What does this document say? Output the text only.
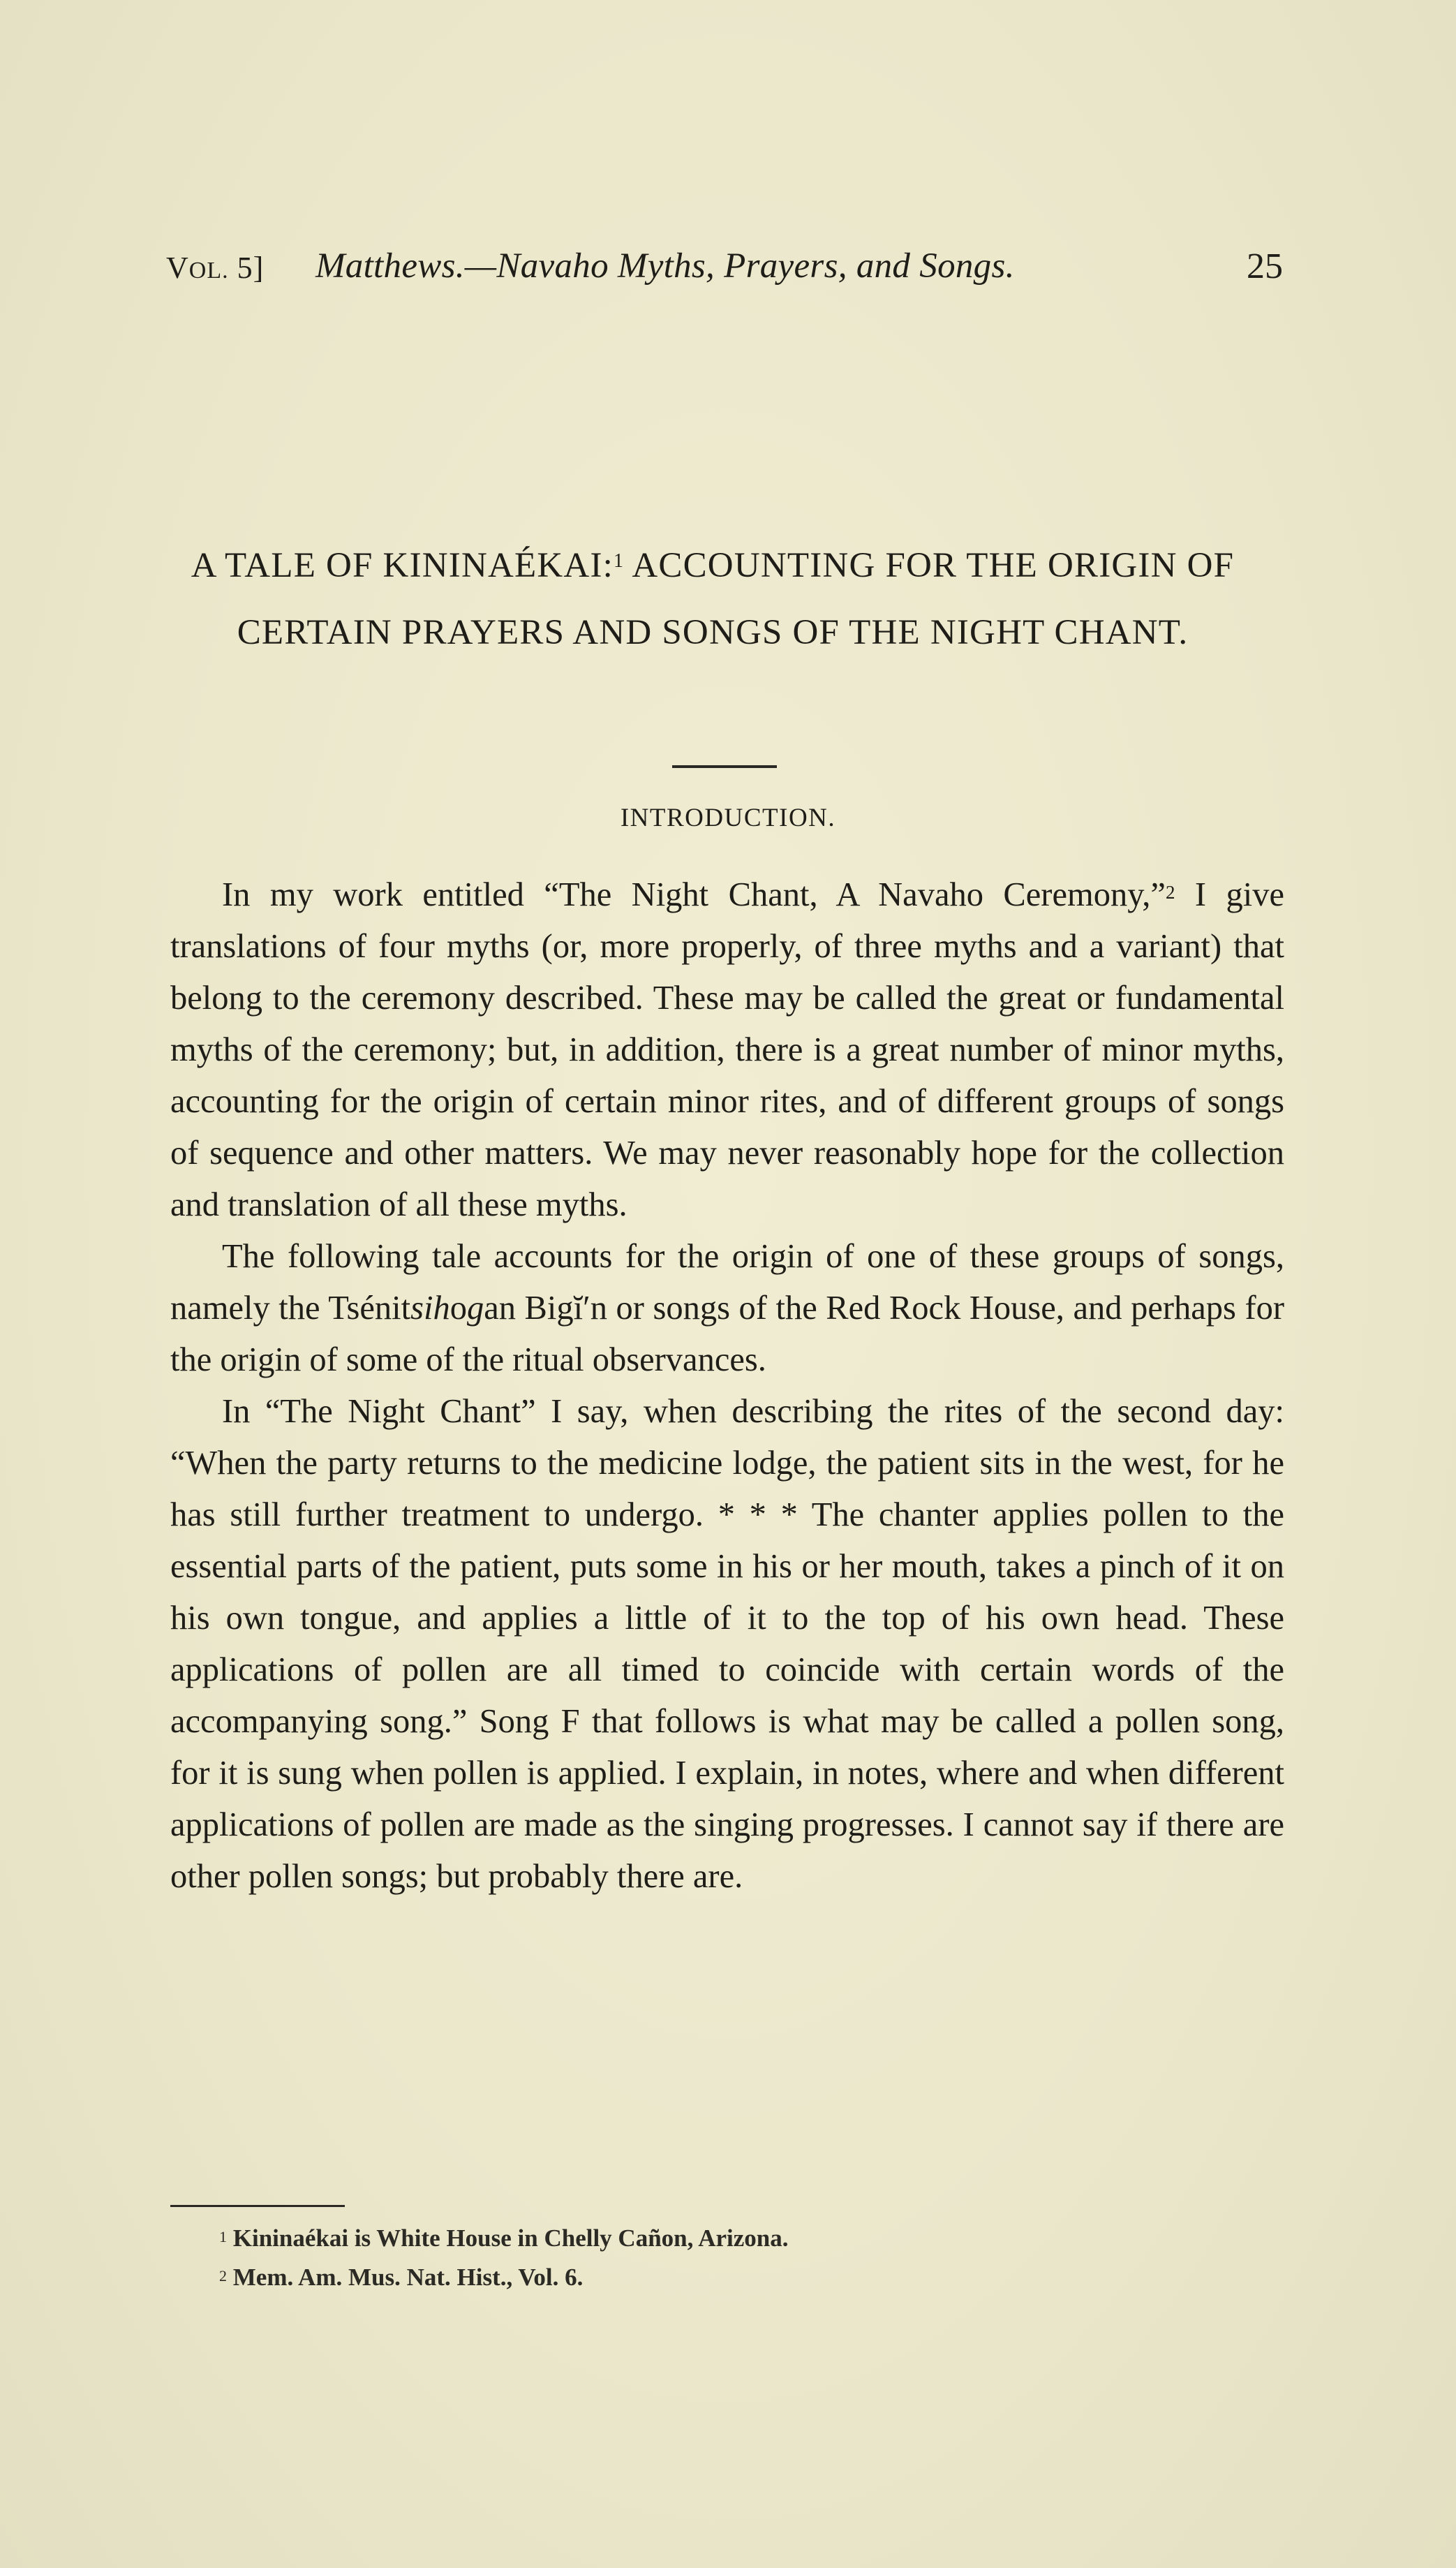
VOL. 5] Matthews.—Navaho Myths, Prayers, and Songs.	25
A TALE OF KININAÉKAI:$^1$ ACCOUNTING FOR THE ORIGIN OF CERTAIN PRAYERS AND SONGS OF THE NIGHT CHANT.
INTRODUCTION.

In my work entitled “The Night Chant, A Navaho Ceremony,”$^2$ I give translations of four myths (or, more properly, of three myths and a variant) that belong to the ceremony described. These may be called the great or fundamental myths of the ceremony; but, in addition, there is a great number of minor myths, accounting for the origin of certain minor rites, and of different groups of songs of sequence and other matters. We may never reasonably hope for the collection and translation of all these myths.

The following tale accounts for the origin of one of these groups of songs, namely the Tsénitsihogan Bigĭ′n or songs of the Red Rock House, and perhaps for the origin of some of the ritual observances.

In “The Night Chant” I say, when describing the rites of the second day: “When the party returns to the medicine lodge, the patient sits in the west, for he has still further treatment to undergo. * * * The chanter applies pollen to the essential parts of the patient, puts some in his or her mouth, takes a pinch of it on his own tongue, and applies a little of it to the top of his own head. These applications of pollen are all timed to coincide with certain words of the accompanying song.” Song F that follows is what may be called a pollen song, for it is sung when pollen is applied. I explain, in notes, where and when different applications of pollen are made as the singing progresses. I cannot say if there are other pollen songs; but probably there are.

$^1$ Kininaékai is White House in Chelly Cañon, Arizona.

$^2$ Mem. Am. Mus. Nat. Hist., Vol. 6.
